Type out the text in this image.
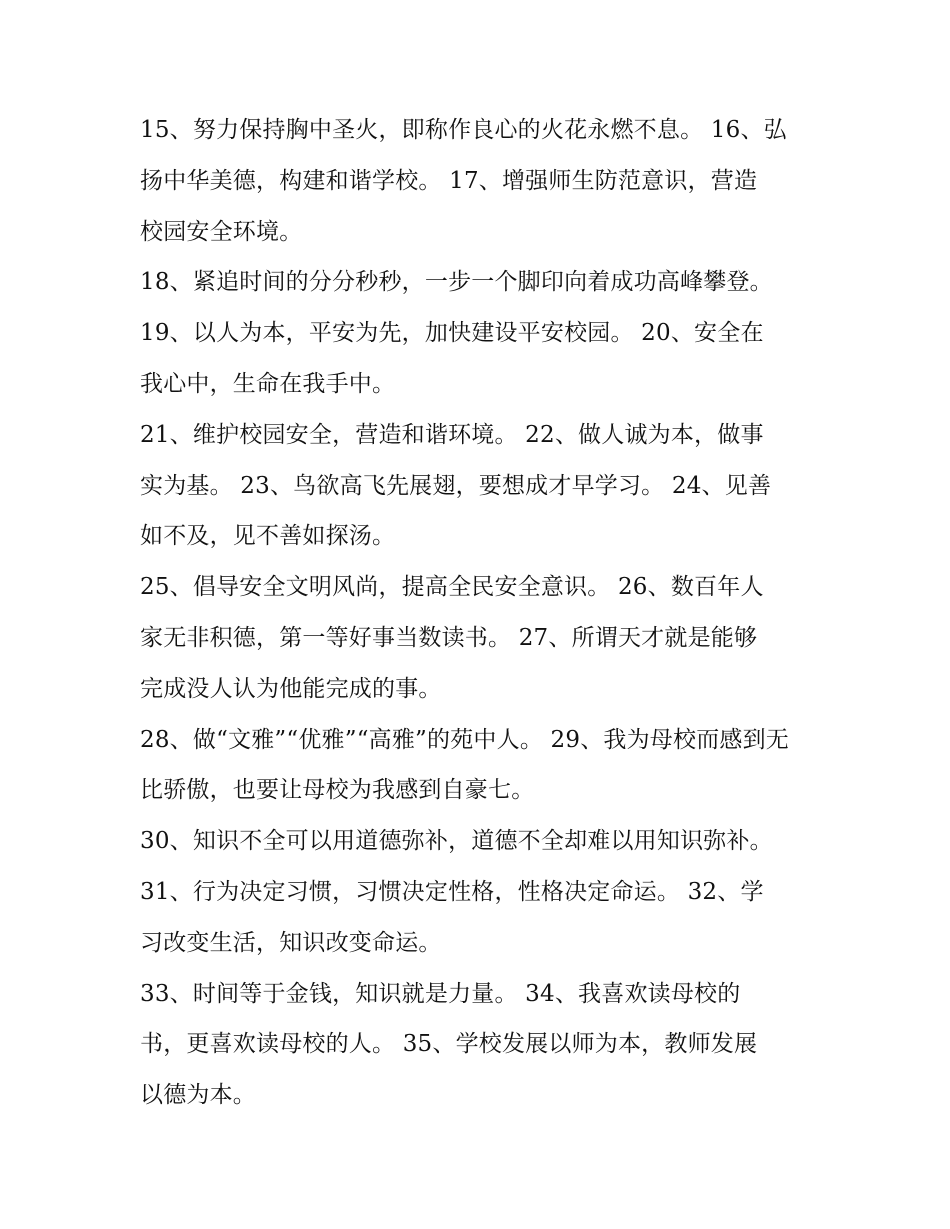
15、努力保持胸中圣火，即称作良心的火花永燃不息。 16、弘
扬中华美德，构建和谐学校。 17、增强师生防范意识，营造
校园安全环境。
18、紧追时间的分分秒秒，一步一个脚印向着成功高峰攀登。
19、以人为本，平安为先，加快建设平安校园。 20、安全在
我心中，生命在我手中。
21、维护校园安全，营造和谐环境。 22、做人诚为本，做事
实为基。 23、鸟欲高飞先展翅，要想成才早学习。 24、见善
如不及，见不善如探汤。
25、倡导安全文明风尚，提高全民安全意识。 26、数百年人
家无非积德，第一等好事当数读书。 27、所谓天才就是能够
完成没人认为他能完成的事。
28、做“文雅”“优雅”“高雅”的苑中人。 29、我为母校而感到无
比骄傲，也要让母校为我感到自豪七。
30、知识不全可以用道德弥补，道德不全却难以用知识弥补。
31、行为决定习惯，习惯决定性格，性格决定命运。 32、学
习改变生活，知识改变命运。
33、时间等于金钱，知识就是力量。 34、我喜欢读母校的
书，更喜欢读母校的人。 35、学校发展以师为本，教师发展
以德为本。
